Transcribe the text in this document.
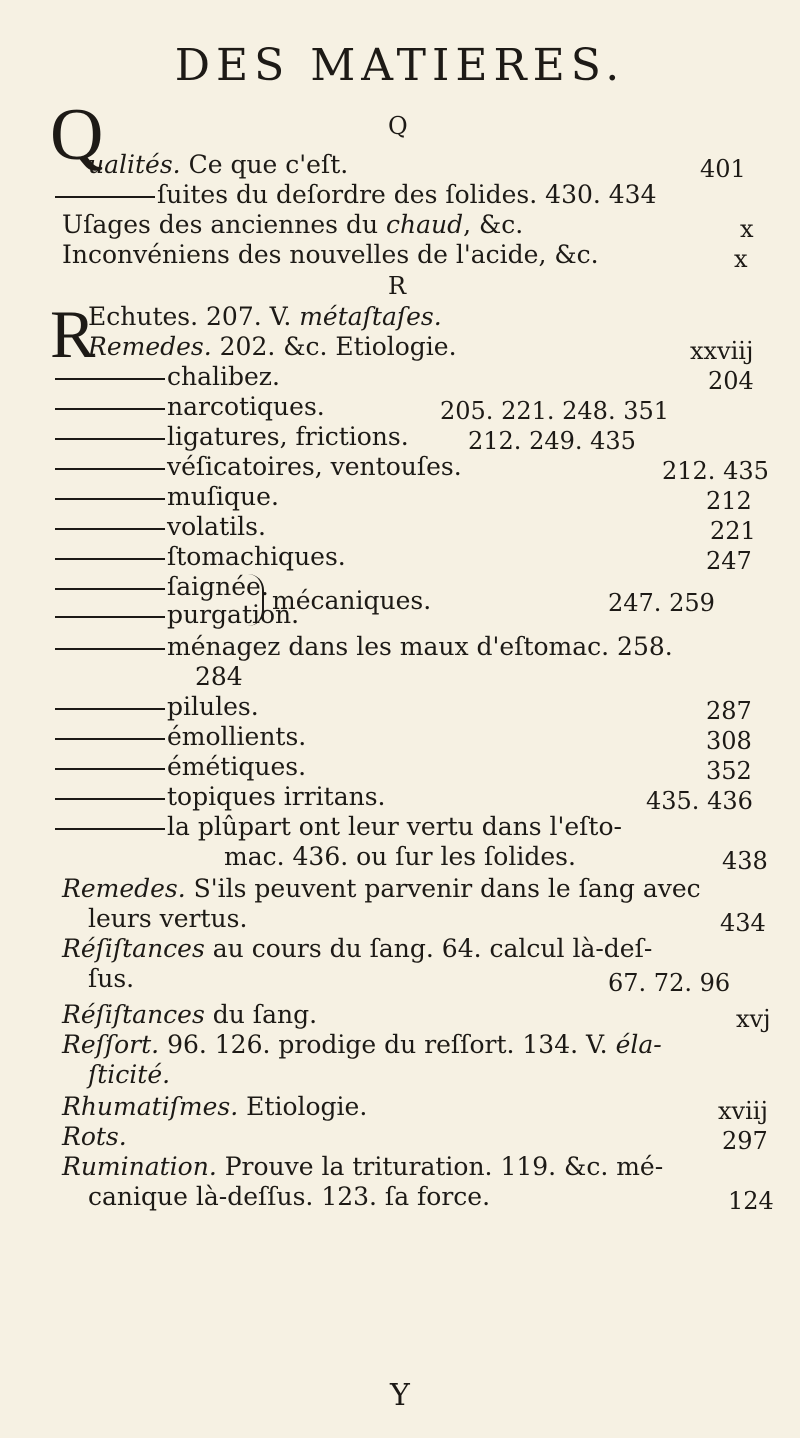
DES MATIERES.
Q
Q
ualités. Ce que c'eſt.	401
ſuites du deſordre des ſolides. 430. 434
Uſages des anciennes du chaud, &c.	x
Inconvéniens des nouvelles de l'acide, &c.	x
R
R
Echutes. 207. V. métaſtaſes.
Remedes. 202. &c. Etiologie.	xxviij
chalibez.	204
narcotiques.	205. 221. 248. 351
ligatures, frictions. 212. 249. 435
véſicatoires, ventouſes.	212. 435
muſique.	212
volatils.	221
ſtomachiques.	247
ſaignée.
purgation.
mécaniques.	247. 259
ménagez dans les maux d'eſtomac. 258.
284
pilules.	287
émollients.	308
émétiques.	352
topiques irritans.	435. 436
la plûpart ont leur vertu dans l'eſto-
mac. 436. ou ſur les ſolides.	438
Remedes. S'ils peuvent parvenir dans le ſang avec
leurs vertus.	434
Réſiſtances au cours du ſang. 64. calcul là-deſ-
ſus.	67. 72. 96
Réſiſtances du ſang.	xvj
Reſſort. 96. 126. prodige du reſſort. 134. V. éla-
ſticité.
Rhumatiſmes. Etiologie.	xviij
Rots.	297
Rumination. Prouve la trituration. 119. &c. mé-
canique là-deſſus. 123. ſa force.	124
Y
